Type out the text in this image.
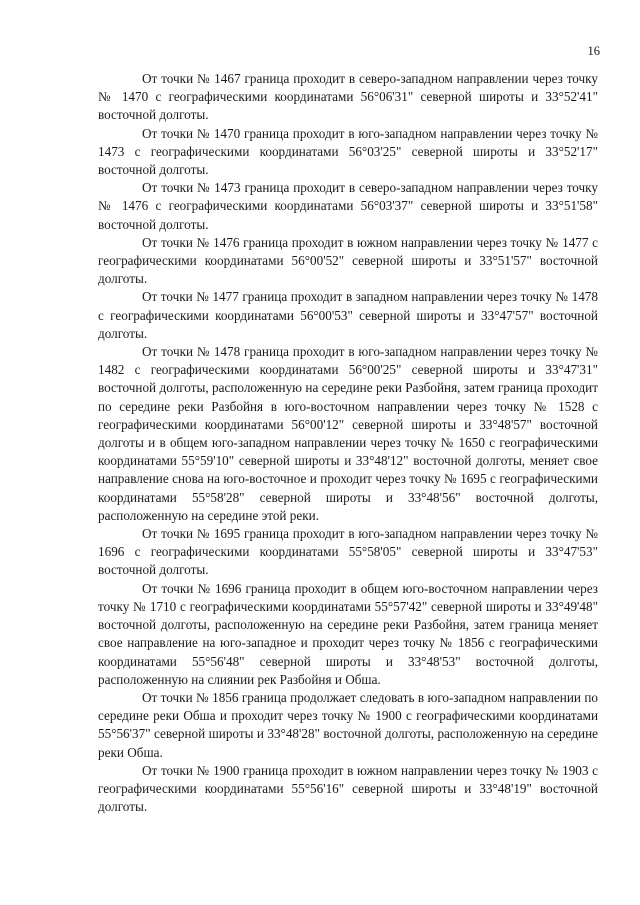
16

От точки № 1467 граница проходит в северо-западном направлении через точку № 1470 с географическими координатами 56°06'31" северной широты и 33°52'41" восточной долготы.

От точки № 1470 граница проходит в юго-западном направлении через точку № 1473 с географическими координатами 56°03'25" северной широты и 33°52'17" восточной долготы.

От точки № 1473 граница проходит в северо-западном направлении через точку № 1476 с географическими координатами 56°03'37" северной широты и 33°51'58" восточной долготы.

От точки № 1476 граница проходит в южном направлении через точку № 1477 с географическими координатами 56°00'52" северной широты и 33°51'57" восточной долготы.

От точки № 1477 граница проходит в западном направлении через точку № 1478 с географическими координатами 56°00'53" северной широты и 33°47'57" восточной долготы.

От точки № 1478 граница проходит в юго-западном направлении через точку № 1482 с географическими координатами 56°00'25" северной широты и 33°47'31" восточной долготы, расположенную на середине реки Разбойня, затем граница проходит по середине реки Разбойня в юго-восточном направлении через точку № 1528 с географическими координатами 56°00'12" северной широты и 33°48'57" восточной долготы и в общем юго-западном направлении через точку № 1650 с географическими координатами 55°59'10" северной широты и 33°48'12" восточной долготы, меняет свое направление снова на юго-восточное и проходит через точку № 1695 с географическими координатами 55°58'28" северной широты и 33°48'56" восточной долготы, расположенную на середине этой реки.

От точки № 1695 граница проходит в юго-западном направлении через точку № 1696 с географическими координатами 55°58'05" северной широты и 33°47'53" восточной долготы.

От точки № 1696 граница проходит в общем юго-восточном направлении через точку № 1710 с географическими координатами 55°57'42" северной широты и 33°49'48" восточной долготы, расположенную на середине реки Разбойня, затем граница меняет свое направление на юго-западное и проходит через точку № 1856 с географическими координатами 55°56'48" северной широты и 33°48'53" восточной долготы, расположенную на слиянии рек Разбойня и Обша.

От точки № 1856 граница продолжает следовать в юго-западном направлении по середине реки Обша и проходит через точку № 1900 с географическими координатами 55°56'37" северной широты и 33°48'28" восточной долготы, расположенную на середине реки Обша.

От точки № 1900 граница проходит в южном направлении через точку № 1903 с географическими координатами 55°56'16" северной широты и 33°48'19" восточной долготы.
